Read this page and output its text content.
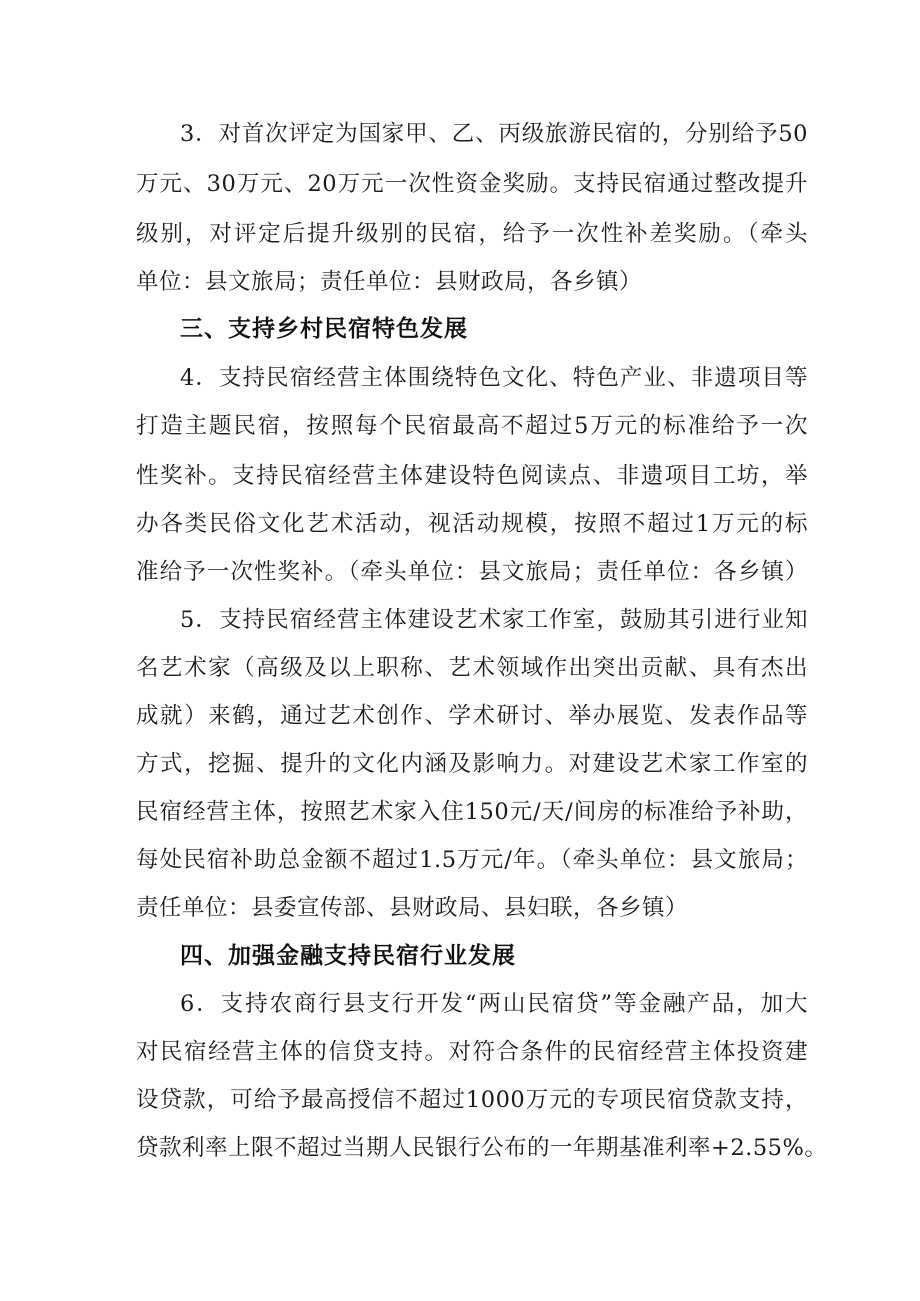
3．对首次评定为国家甲、乙、丙级旅游民宿的，分别给予50
万元、30万元、20万元一次性资金奖励。支持民宿通过整改提升
级别，对评定后提升级别的民宿，给予一次性补差奖励。（牵头
单位：县文旅局；责任单位：县财政局，各乡镇）
三、支持乡村民宿特色发展
4．支持民宿经营主体围绕特色文化、特色产业、非遗项目等
打造主题民宿，按照每个民宿最高不超过5万元的标准给予一次
性奖补。支持民宿经营主体建设特色阅读点、非遗项目工坊，举
办各类民俗文化艺术活动，视活动规模，按照不超过1万元的标
准给予一次性奖补。（牵头单位：县文旅局；责任单位：各乡镇）
5．支持民宿经营主体建设艺术家工作室，鼓励其引进行业知
名艺术家（高级及以上职称、艺术领域作出突出贡献、具有杰出
成就）来鹤，通过艺术创作、学术研讨、举办展览、发表作品等
方式，挖掘、提升的文化内涵及影响力。对建设艺术家工作室的
民宿经营主体，按照艺术家入住150元/天/间房的标准给予补助，
每处民宿补助总金额不超过1.5万元/年。（牵头单位：县文旅局；
责任单位：县委宣传部、县财政局、县妇联，各乡镇）
四、加强金融支持民宿行业发展
6．支持农商行县支行开发“两山民宿贷”等金融产品，加大
对民宿经营主体的信贷支持。对符合条件的民宿经营主体投资建
设贷款，可给予最高授信不超过1000万元的专项民宿贷款支持，
贷款利率上限不超过当期人民银行公布的一年期基准利率+2.55%。
